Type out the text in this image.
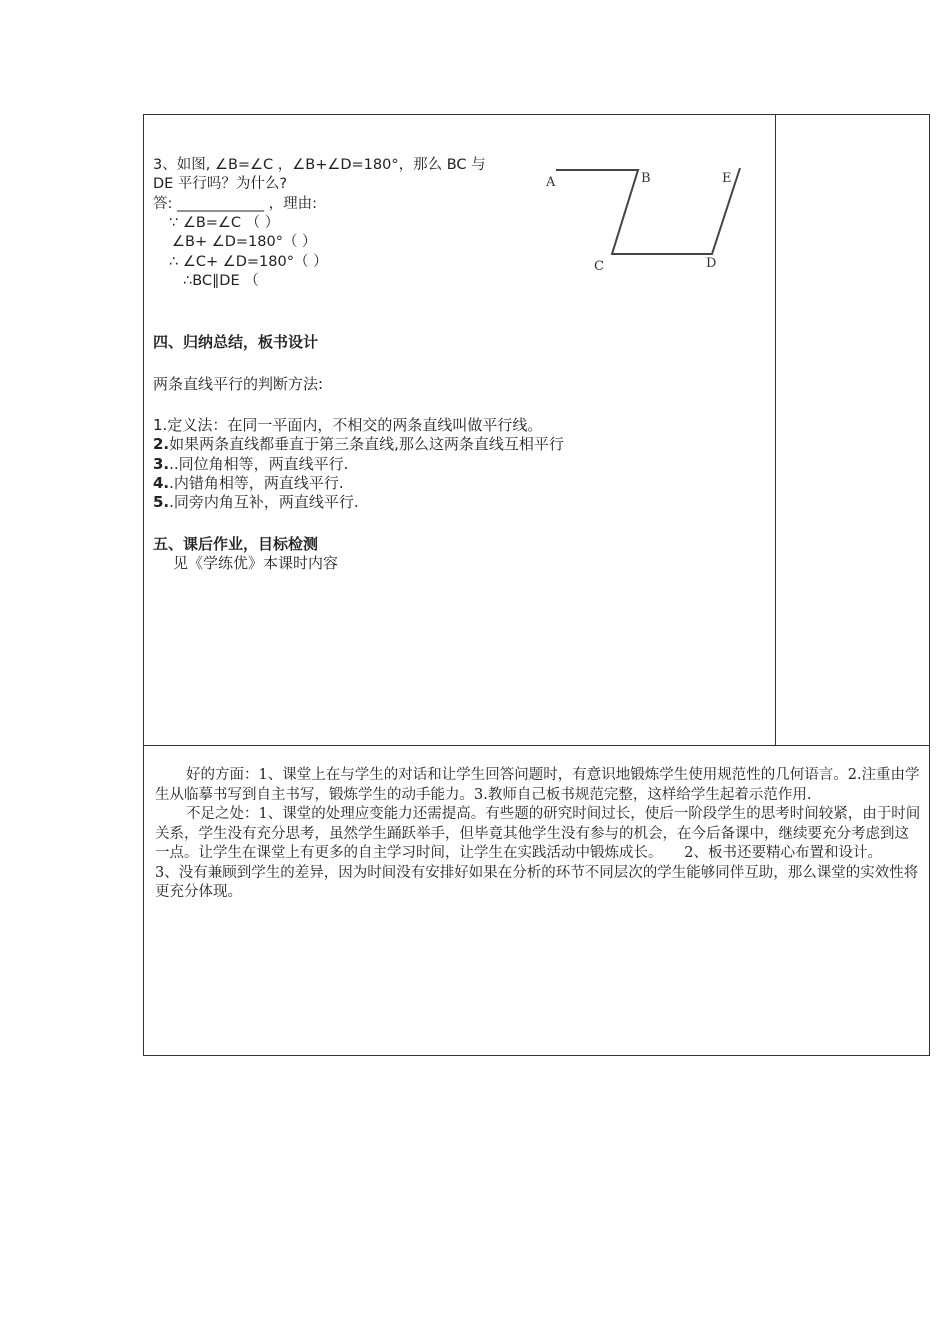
3、如图, ∠B=∠C ，∠B+∠D=180°，那么 BC 与
DE 平行吗？为什么?
答: ____________ ，理由:
∵ ∠B=∠C （ ）
∠B+ ∠D=180°（ ）
∴ ∠C+ ∠D=180°（ ）
∴BC∥DE （
A	B	E
C	D
四、归纳总结，板书设计
两条直线平行的判断方法:
1.定义法：在同一平面内，不相交的两条直线叫做平行线。
2.如果两条直线都垂直于第三条直线,那么这两条直线互相平行
3...同位角相等，两直线平行.
4..内错角相等，两直线平行.
5..同旁内角互补，两直线平行.
五、课后作业，目标检测
见《学练优》本课时内容

好的方面：1、课堂上在与学生的对话和让学生回答问题时，有意识地锻炼学生使用规范性的几何语言。2.注重由学生从临摹书写到自主书写，锻炼学生的动手能力。3.教师自己板书规范完整，这样给学生起着示范作用.

不足之处：1、课堂的处理应变能力还需提高。有些题的研究时间过长，使后一阶段学生的思考时间较紧，由于时间关系，学生没有充分思考，虽然学生踊跃举手，但毕竟其他学生没有参与的机会，在今后备课中，继续要充分考虑到这一点。让学生在课堂上有更多的自主学习时间，让学生在实践活动中锻炼成长。　　2、板书还要精心布置和设计。　　3、没有兼顾到学生的差异，因为时间没有安排好如果在分析的环节不同层次的学生能够同伴互助，那么课堂的实效性将更充分体现。
